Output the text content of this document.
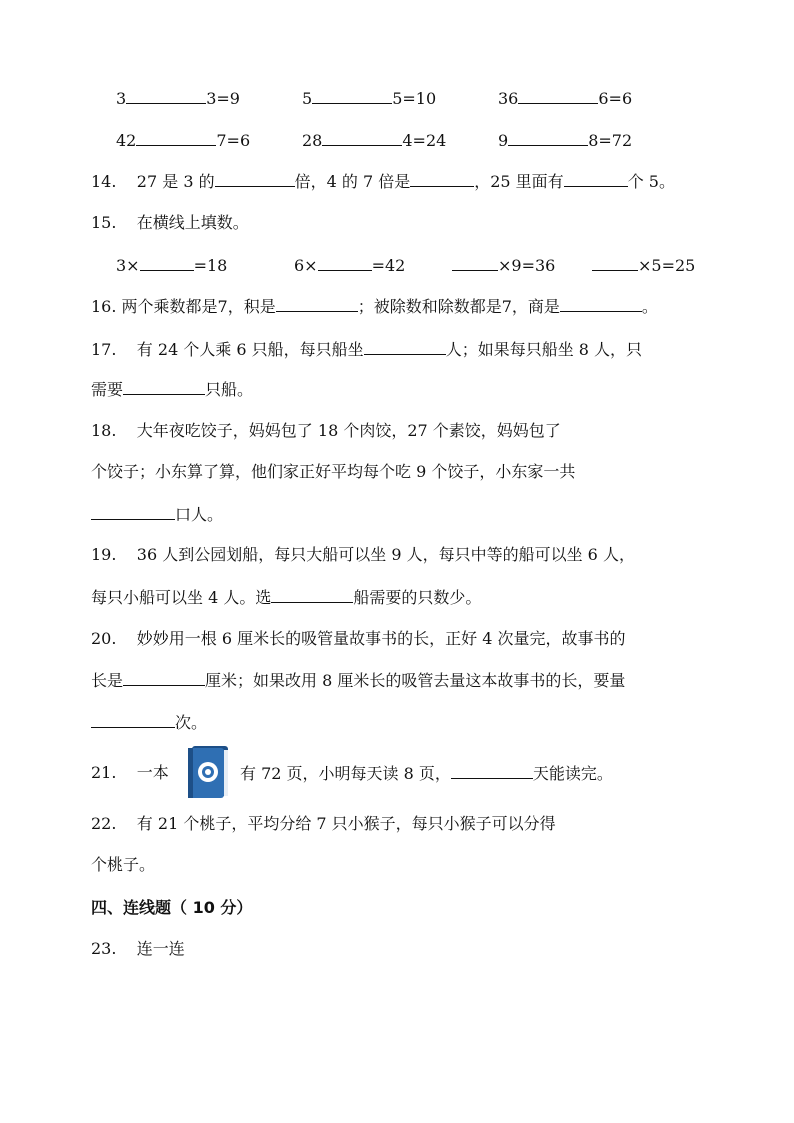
3	3=9	5	5=10	36	6=6
42	7=6	28	4=24	9	8=72
14. 27 是 3 的	倍，4 的 7 倍是	，25 里面有	个 5。
15. 在横线上填数。
3×	=18	6×	=42	×9=36	×5=25
16. 两个乘数都是7，积是	；被除数和除数都是7，商是	。
17. 有 24 个人乘 6 只船，每只船坐	人；如果每只船坐 8 人，只
需要	只船。
18. 大年夜吃饺子，妈妈包了 18 个肉饺，27 个素饺，妈妈包了
个饺子；小东算了算，他们家正好平均每个吃 9 个饺子，小东家一共
口人。
19. 36 人到公园划船，每只大船可以坐 9 人，每只中等的船可以坐 6 人，
每只小船可以坐 4 人。选	船需要的只数少。
20. 妙妙用一根 6 厘米长的吸管量故事书的长，正好 4 次量完，故事书的
长是	厘米；如果改用 8 厘米长的吸管去量这本故事书的长，要量
次。
21. 一本	有 72 页，小明每天读 8 页，	天能读完。
22. 有 21 个桃子，平均分给 7 只小猴子，每只小猴子可以分得
个桃子。
四、连线题（ 10 分）
23. 连一连
